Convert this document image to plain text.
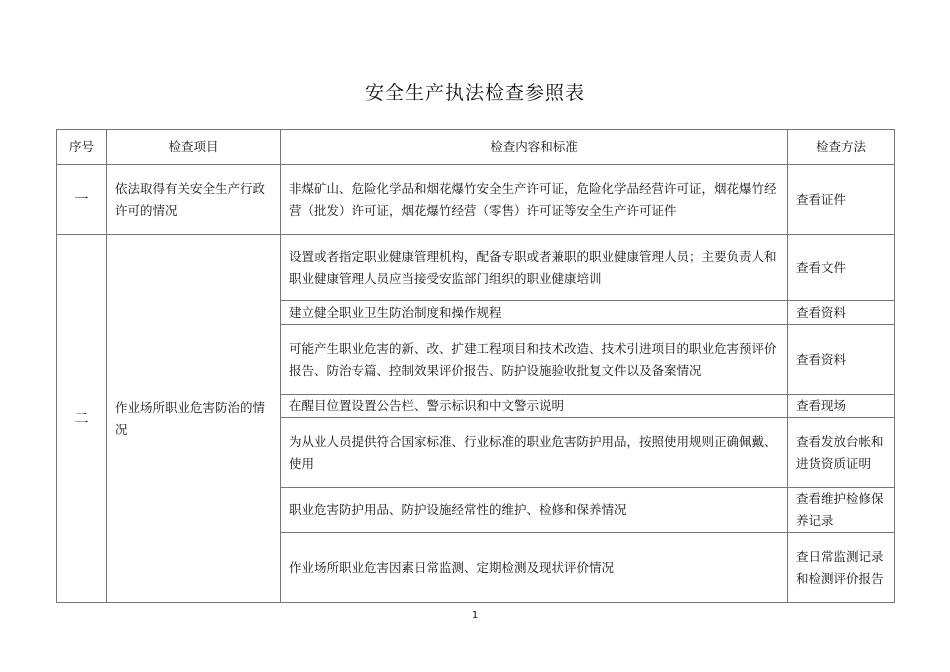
安全生产执法检查参照表
序号	检查项目	检查内容和标准	检查方法
一	依法取得有关安全生产行政许可的情况	非煤矿山、危险化学品和烟花爆竹安全生产许可证，危险化学品经营许可证，烟花爆竹经营（批发）许可证，烟花爆竹经营（零售）许可证等安全生产许可证件	查看证件
二	作业场所职业危害防治的情况	设置或者指定职业健康管理机构，配备专职或者兼职的职业健康管理人员；主要负责人和职业健康管理人员应当接受安监部门组织的职业健康培训	查看文件
		建立健全职业卫生防治制度和操作规程	查看资料
		可能产生职业危害的新、改、扩建工程项目和技术改造、技术引进项目的职业危害预评价报告、防治专篇、控制效果评价报告、防护设施验收批复文件以及备案情况	查看资料
		在醒目位置设置公告栏、警示标识和中文警示说明	查看现场
		为从业人员提供符合国家标准、行业标准的职业危害防护用品，按照使用规则正确佩戴、使用	查看发放台帐和进货资质证明
		职业危害防护用品、防护设施经常性的维护、检修和保养情况	查看维护检修保养记录
		作业场所职业危害因素日常监测、定期检测及现状评价情况	查日常监测记录和检测评价报告
1
